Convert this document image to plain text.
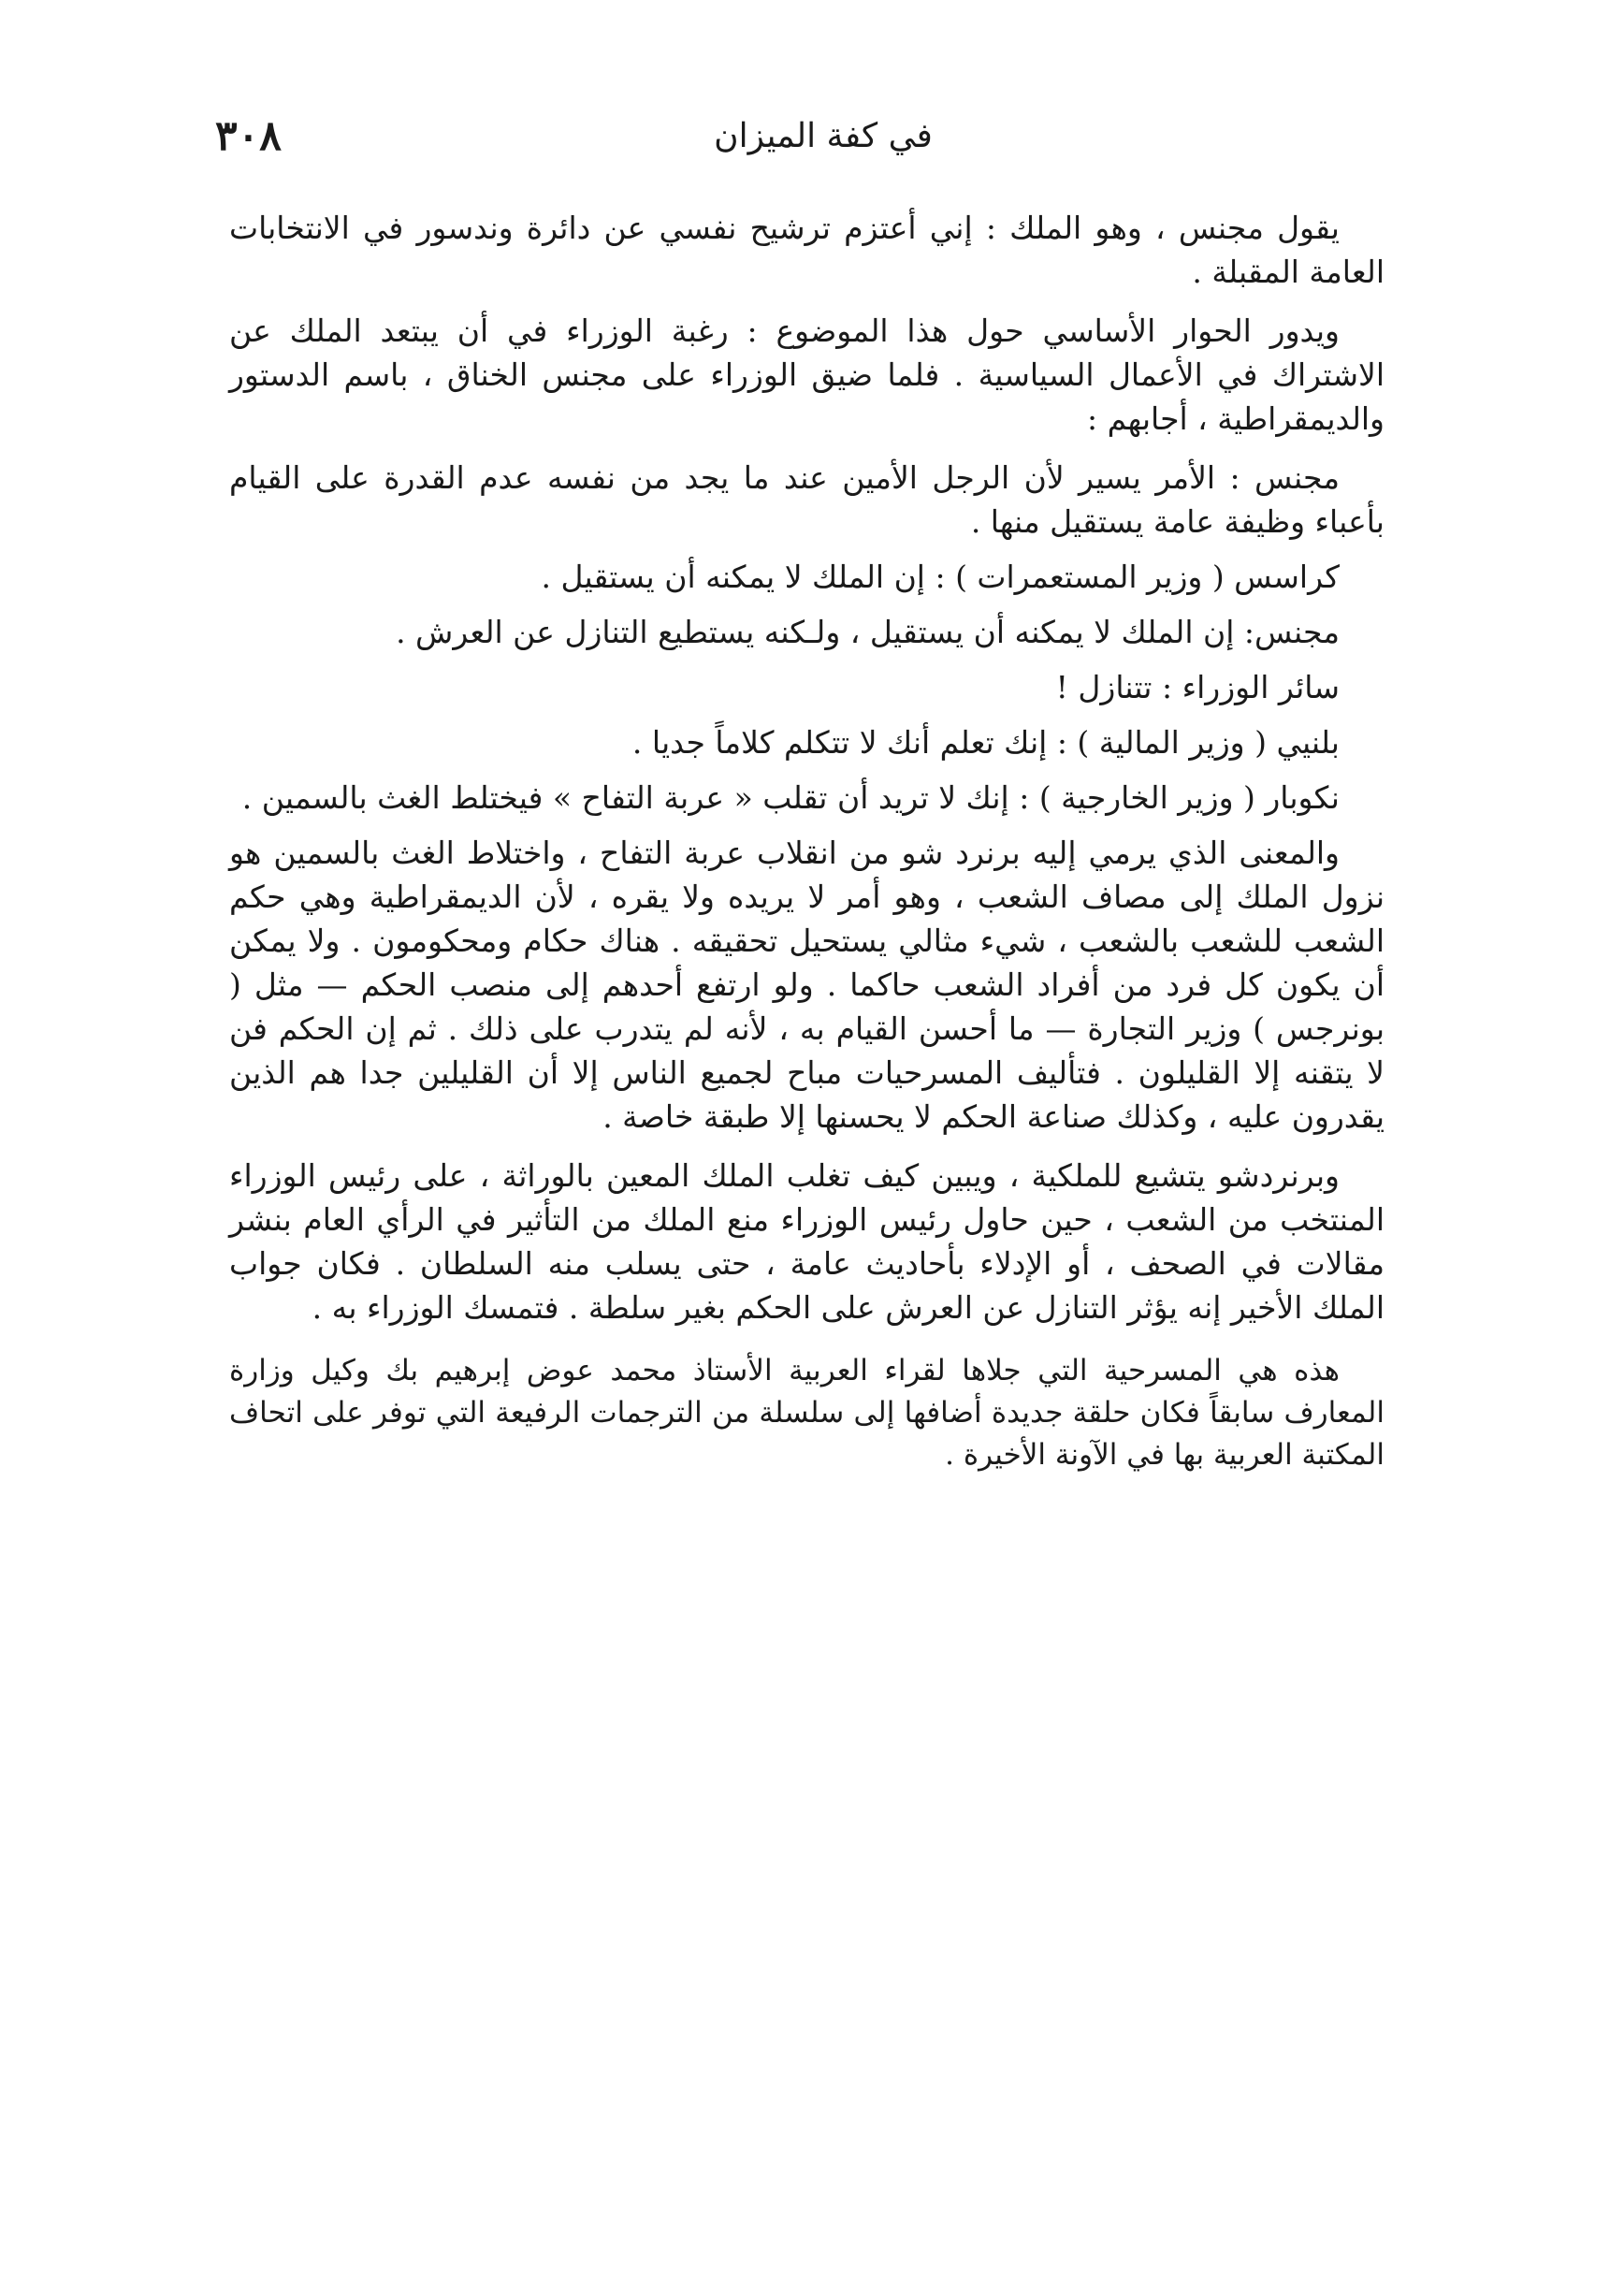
٣٠٨	في كفة الميزان

يقول مجنس ، وهو الملك : إني أعتزم ترشيح نفسي عن دائرة وندسور في الانتخابات العامة المقبلة .

ويدور الحوار الأساسي حول هذا الموضوع : رغبة الوزراء في أن يبتعد الملك عن الاشتراك في الأعمال السياسية . فلما ضيق الوزراء على مجنس الخناق ، باسم الدستور والديمقراطية ، أجابهم :

مجنس : الأمر يسير لأن الرجل الأمين عند ما يجد من نفسه عدم القدرة على القيام بأعباء وظيفة عامة يستقيل منها .

كراسس ( وزير المستعمرات ) : إن الملك لا يمكنه أن يستقيل .

مجنس: إن الملك لا يمكنه أن يستقيل ، ولـكنه يستطيع التنازل عن العرش .

سائر الوزراء : تتنازل !

بلنيي ( وزير المالية ) : إنك تعلم أنك لا تتكلم كلاماً جديا .

نكوبار ( وزير الخارجية ) : إنك لا تريد أن تقلب « عربة التفاح » فيختلط الغث بالسمين .

والمعنى الذي يرمي إليه برنرد شو من انقلاب عربة التفاح ، واختلاط الغث بالسمين هو نزول الملك إلى مصاف الشعب ، وهو أمر لا يريده ولا يقره ، لأن الديمقراطية وهي حكم الشعب للشعب بالشعب ، شيء مثالي يستحيل تحقيقه . هناك حكام ومحكومون . ولا يمكن أن يكون كل فرد من أفراد الشعب حاكما . ولو ارتفع أحدهم إلى منصب الحكم — مثل ( بونرجس ) وزير التجارة — ما أحسن القيام به ، لأنه لم يتدرب على ذلك . ثم إن الحكم فن لا يتقنه إلا القليلون . فتأليف المسرحيات مباح لجميع الناس إلا أن القليلين جدا هم الذين يقدرون عليه ، وكذلك صناعة الحكم لا يحسنها إلا طبقة خاصة .

وبرنردشو يتشيع للملكية ، ويبين كيف تغلب الملك المعين بالوراثة ، على رئيس الوزراء المنتخب من الشعب ، حين حاول رئيس الوزراء منع الملك من التأثير في الرأي العام بنشر مقالات في الصحف ، أو الإدلاء بأحاديث عامة ، حتى يسلب منه السلطان . فكان جواب الملك الأخير إنه يؤثر التنازل عن العرش على الحكم بغير سلطة . فتمسك الوزراء به .

هذه هي المسرحية التي جلاها لقراء العربية الأستاذ محمد عوض إبرهيم بك وكيل وزارة المعارف سابقاً فكان حلقة جديدة أضافها إلى سلسلة من الترجمات الرفيعة التي توفر على اتحاف المكتبة العربية بها في الآونة الأخيرة .
